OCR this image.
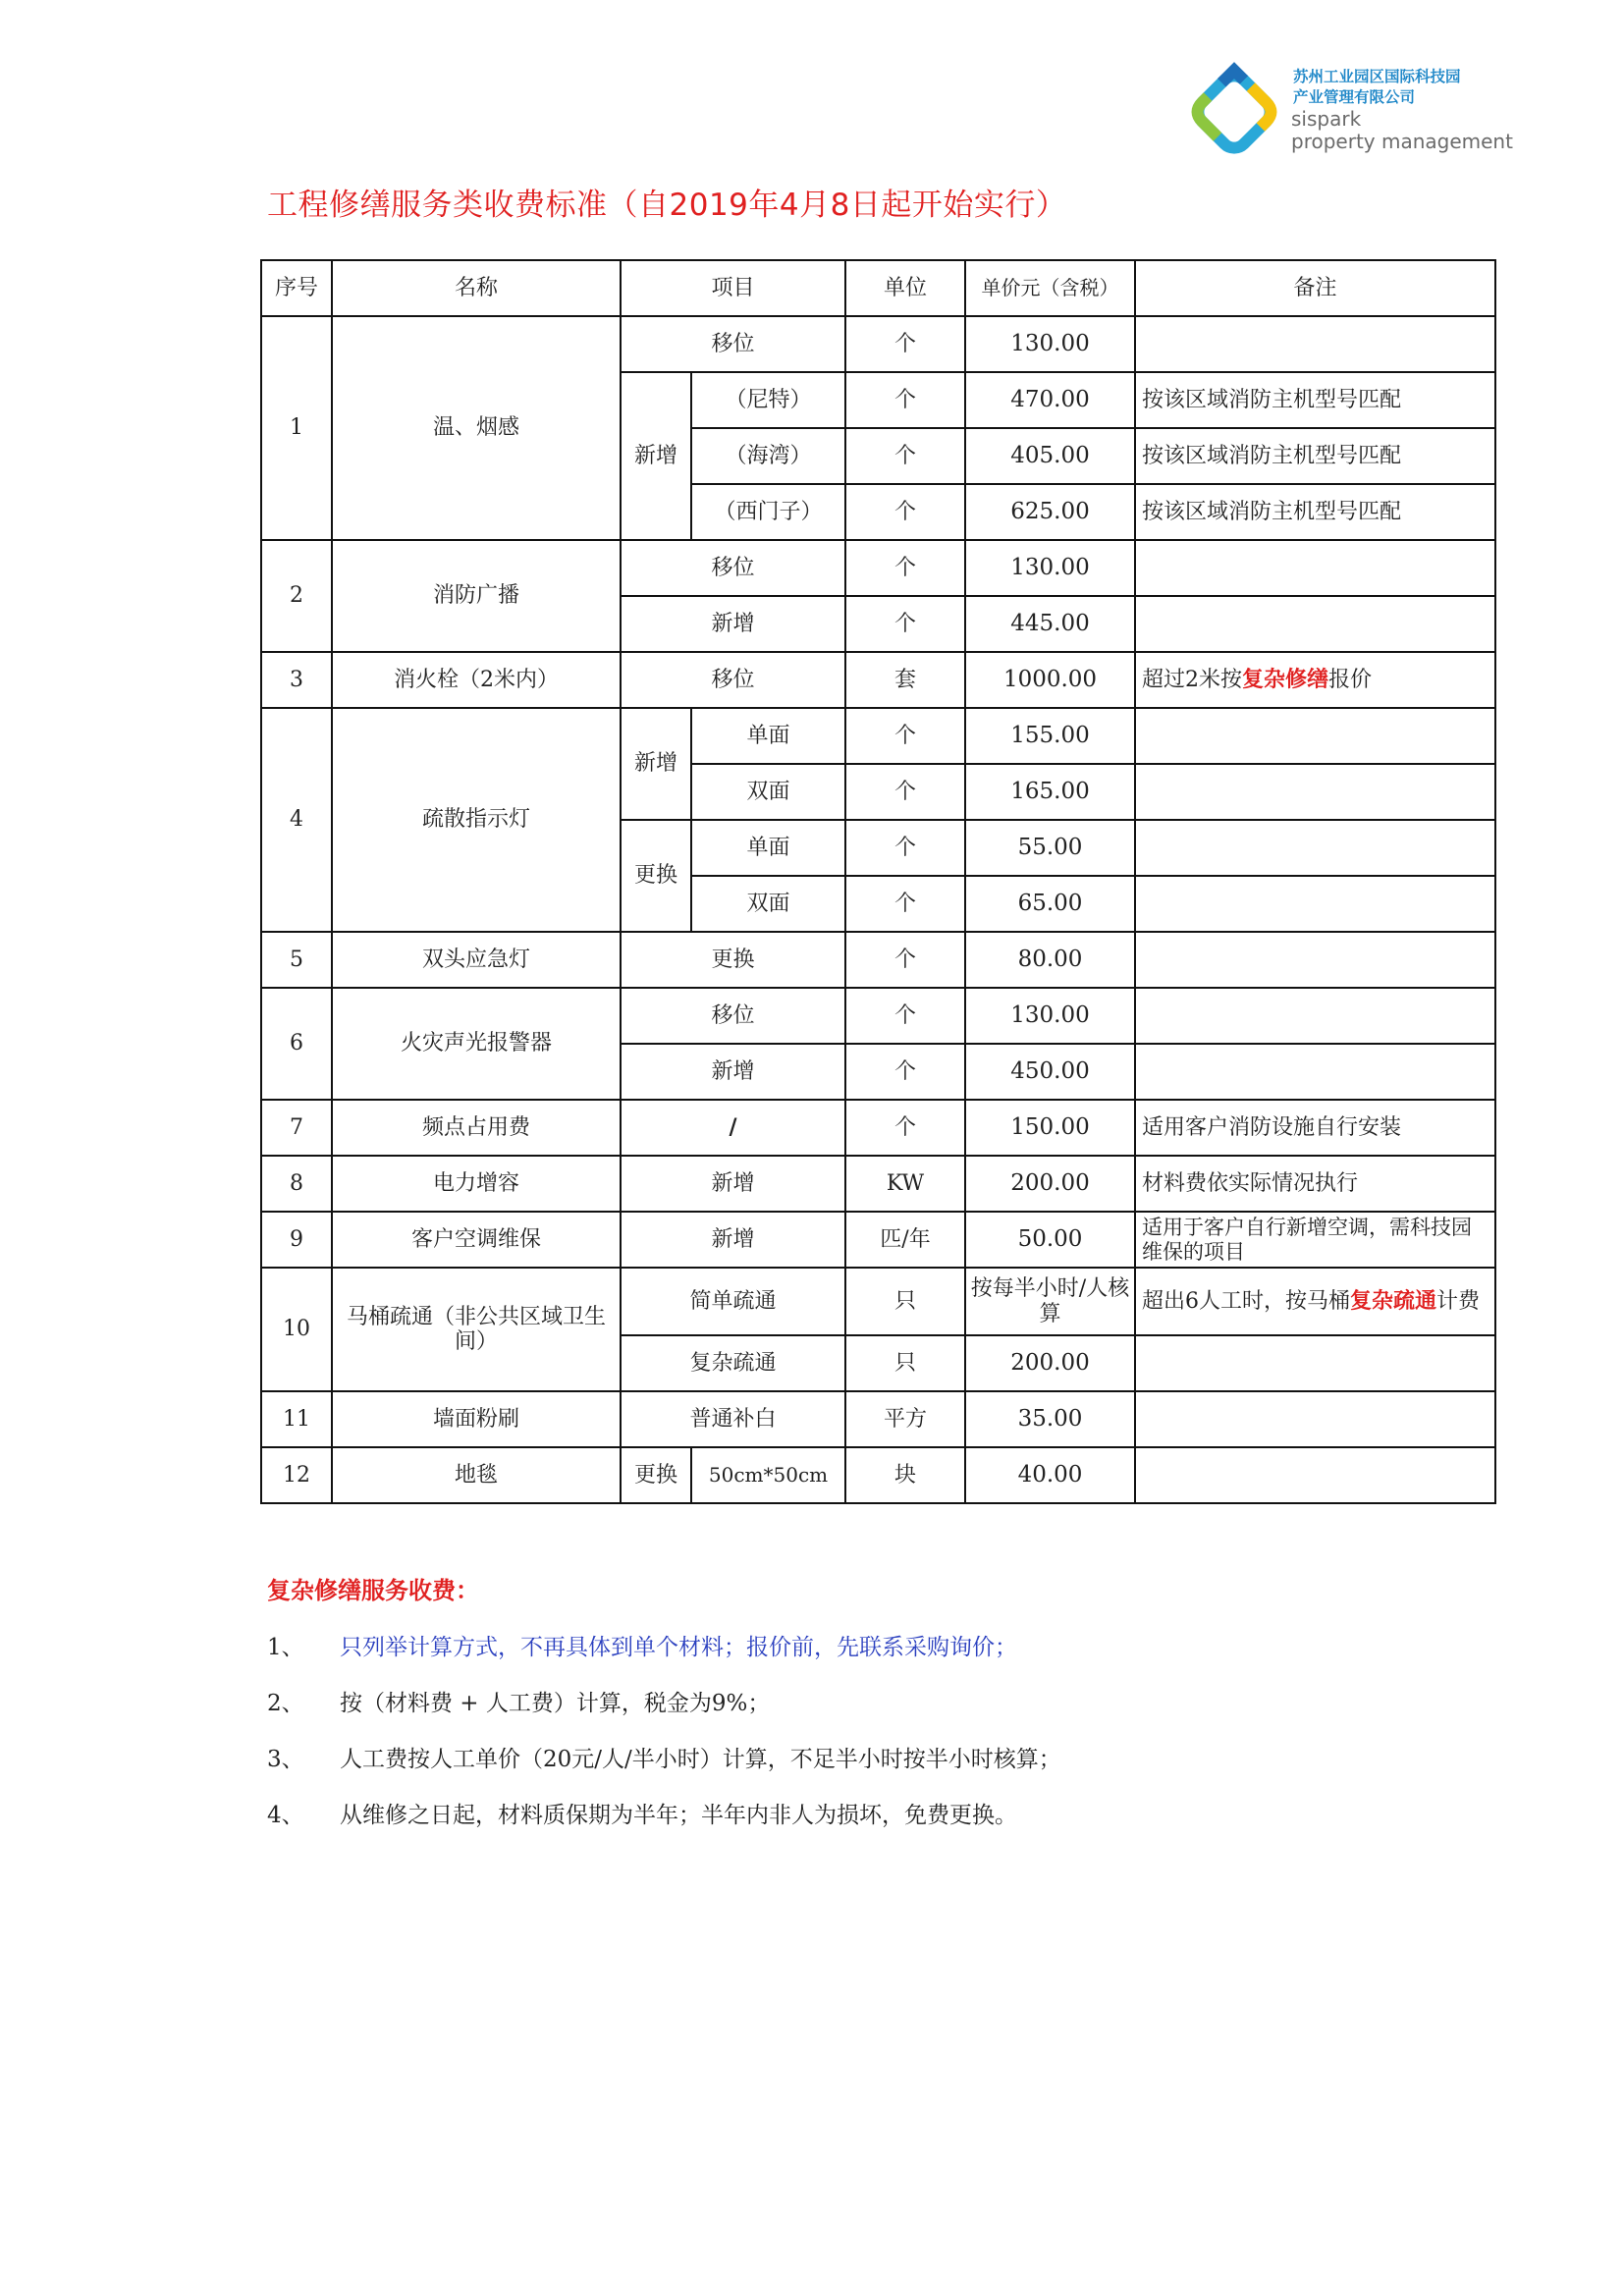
苏州工业园区国际科技园
产业管理有限公司
sispark
property management
工程修缮服务类收费标准（自2019年4月8日起开始实行）
序号	名称	项目		单位	单价元（含税）	备注
1	温、烟感	移位		个	130.00	
		新增	（尼特）	个	470.00	按该区域消防主机型号匹配
			（海湾）	个	405.00	按该区域消防主机型号匹配
			（西门子）	个	625.00	按该区域消防主机型号匹配
2	消防广播	移位		个	130.00	
		新增		个	445.00	
3	消火栓（2米内）	移位		套	1000.00	超过2米按复杂修缮报价
4	疏散指示灯	新增	单面	个	155.00	
			双面	个	165.00	
		更换	单面	个	55.00	
			双面	个	65.00	
5	双头应急灯	更换		个	80.00	
6	火灾声光报警器	移位		个	130.00	
		新增		个	450.00	
7	频点占用费	/		个	150.00	适用客户消防设施自行安装
8	电力增容	新增		KW	200.00	材料费依实际情况执行
9	客户空调维保	新增		匹/年	50.00	适用于客户自行新增空调，需科技园维保的项目
10	马桶疏通（非公共区域卫生间）	简单疏通		只	按每半小时/人核算	超出6人工时，按马桶复杂疏通计费
		复杂疏通		只	200.00	
11	墙面粉刷	普通补白		平方	35.00	
12	地毯	更换	50cm*50cm	块	40.00	
复杂修缮服务收费：
1、	只列举计算方式，不再具体到单个材料；报价前，先联系采购询价；
2、	按（材料费 + 人工费）计算，税金为9%；
3、	人工费按人工单价（20元/人/半小时）计算，不足半小时按半小时核算；
4、	从维修之日起，材料质保期为半年；半年内非人为损坏，免费更换。
